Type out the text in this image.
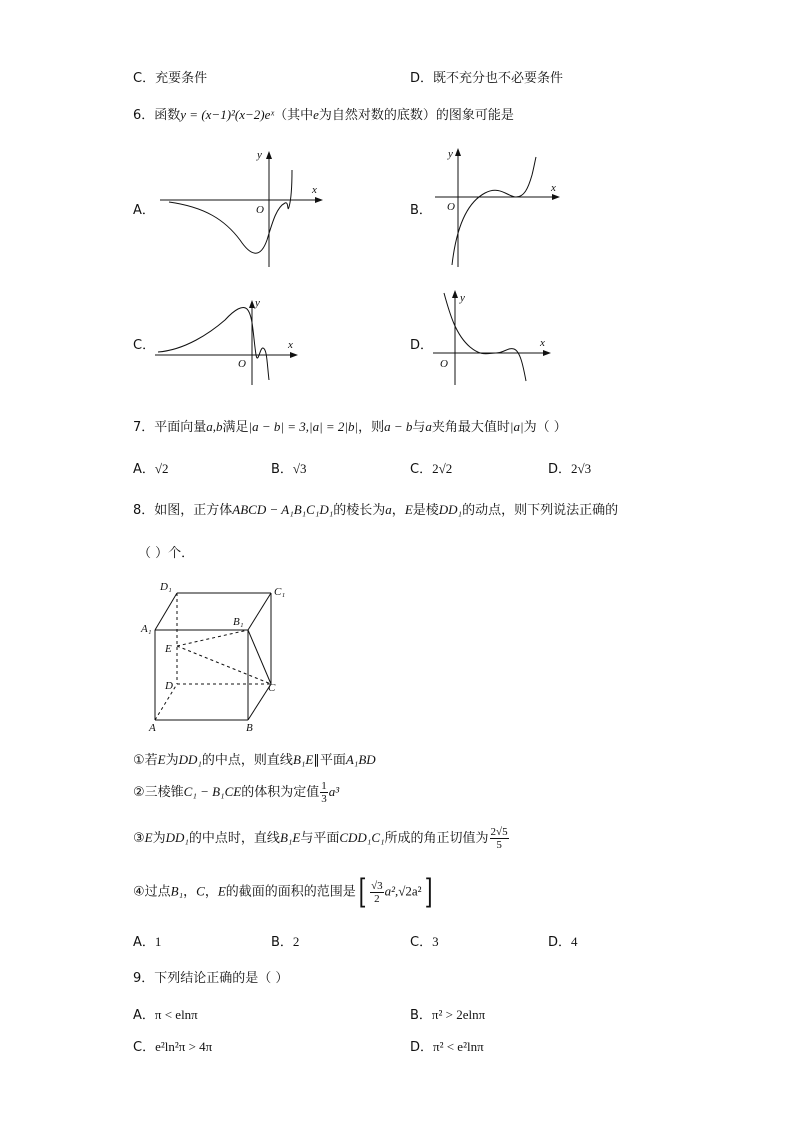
C．充要条件	D．既不充分也不必要条件
6．函数y = (x−1)²(x−2)eˣ（其中e为自然对数的底数）的图象可能是
A．	B．
C．	D．
x
y
O
x
y
O
x
y
O
x
y
O
7．平面向量a,b满足|a − b| = 3,|a| = 2|b|，则a − b与a夹角最大值时|a|为（ ）
A．√2	B．√3	C．2√2	D．2√3
8．如图，正方体ABCD − A₁B₁C₁D₁的棱长为a，E是棱DD₁的动点，则下列说法正确的
（ ）个．
D₁	C₁
A₁
B₁
E
D	C
A	B
①若E为DD₁的中点，则直线B₁E∥平面A₁BD
②三棱锥C₁ − B₁CE的体积为定值 $\frac{1}{3} a^3$
③E为DD₁的中点时，直线B₁E与平面CDD₁C₁所成的角正切值为 $\frac{2√5}{5}$
④过点B₁，C，E的截面的面积的范围是[ $\frac{√3}{2} a^2,√2a^2$]
A．1	B．2	C．3	D．4
9．下列结论正确的是（ ）
A．π < elnπ	B．π² > 2elnπ
C．e²ln²π > 4π	D．π² < e²lnπ
